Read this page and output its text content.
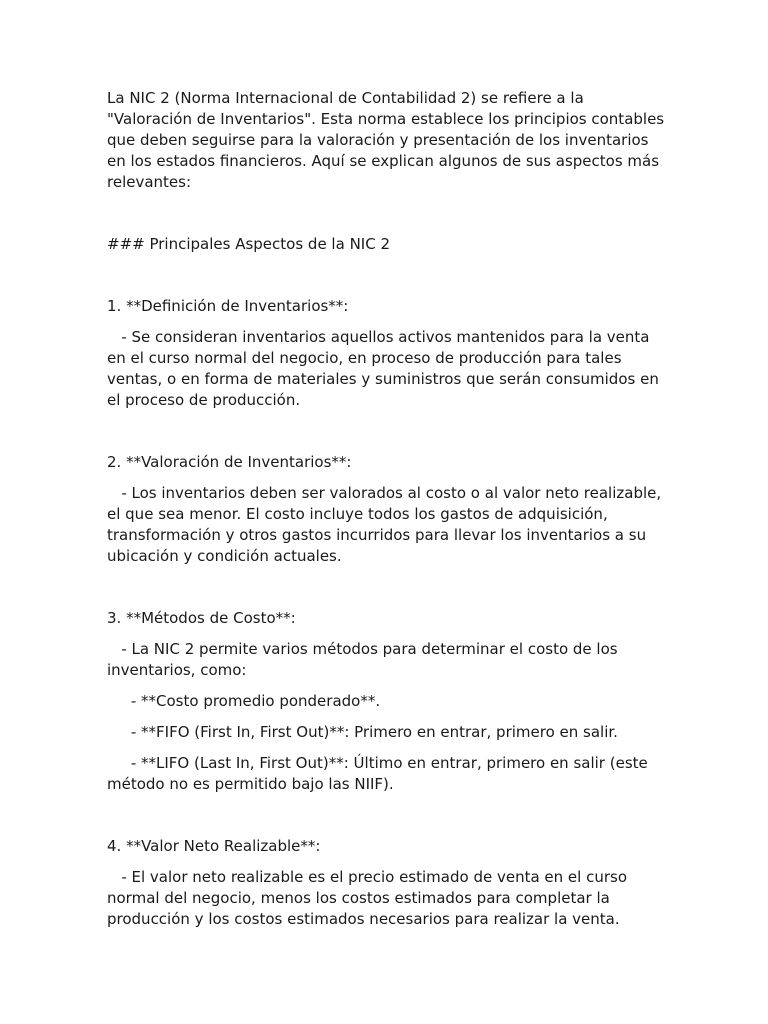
La NIC 2 (Norma Internacional de Contabilidad 2) se refiere a la "Valoración de Inventarios". Esta norma establece los principios contables que deben seguirse para la valoración y presentación de los inventarios en los estados financieros. Aquí se explican algunos de sus aspectos más relevantes:

### Principales Aspectos de la NIC 2

1. **Definición de Inventarios**:

- Se consideran inventarios aquellos activos mantenidos para la venta en el curso normal del negocio, en proceso de producción para tales ventas, o en forma de materiales y suministros que serán consumidos en el proceso de producción.

2. **Valoración de Inventarios**:

- Los inventarios deben ser valorados al costo o al valor neto realizable, el que sea menor. El costo incluye todos los gastos de adquisición, transformación y otros gastos incurridos para llevar los inventarios a su ubicación y condición actuales.

3. **Métodos de Costo**:

- La NIC 2 permite varios métodos para determinar el costo de los inventarios, como:

- **Costo promedio ponderado**.

- **FIFO (First In, First Out)**: Primero en entrar, primero en salir.

- **LIFO (Last In, First Out)**: Último en entrar, primero en salir (este método no es permitido bajo las NIIF).

4. **Valor Neto Realizable**:

- El valor neto realizable es el precio estimado de venta en el curso normal del negocio, menos los costos estimados para completar la producción y los costos estimados necesarios para realizar la venta.
